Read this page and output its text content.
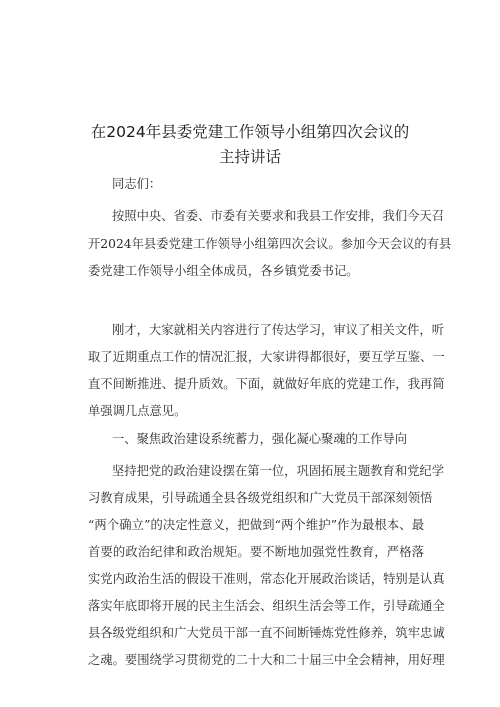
在2024年县委党建工作领导小组第四次会议的
主持讲话
同志们：
按照中央、省委、市委有关要求和我县工作安排，我们今天召
开2024年县委党建工作领导小组第四次会议。参加今天会议的有县
委党建工作领导小组全体成员，各乡镇党委书记。
刚才，大家就相关内容进行了传达学习，审议了相关文件，听
取了近期重点工作的情况汇报，大家讲得都很好，要互学互鉴、一
直不间断推进、提升质效。下面，就做好年底的党建工作，我再简
单强调几点意见。
一、聚焦政治建设系统蓄力，强化凝心聚魂的工作导向
坚持把党的政治建设摆在第一位，巩固拓展主题教育和党纪学
习教育成果，引导疏通全县各级党组织和广大党员干部深刻领悟
“两个确立”的决定性意义，把做到“两个维护”作为最根本、最
首要的政治纪律和政治规矩。要不断地加强党性教育，严格落
实党内政治生活的假设干准则，常态化开展政治谈话，特别是认真
落实年底即将开展的民主生活会、组织生活会等工作，引导疏通全
县各级党组织和广大党员干部一直不间断锤炼党性修养，筑牢忠诚
之魂。要围绕学习贯彻党的二十大和二十届三中全会精神，用好理
